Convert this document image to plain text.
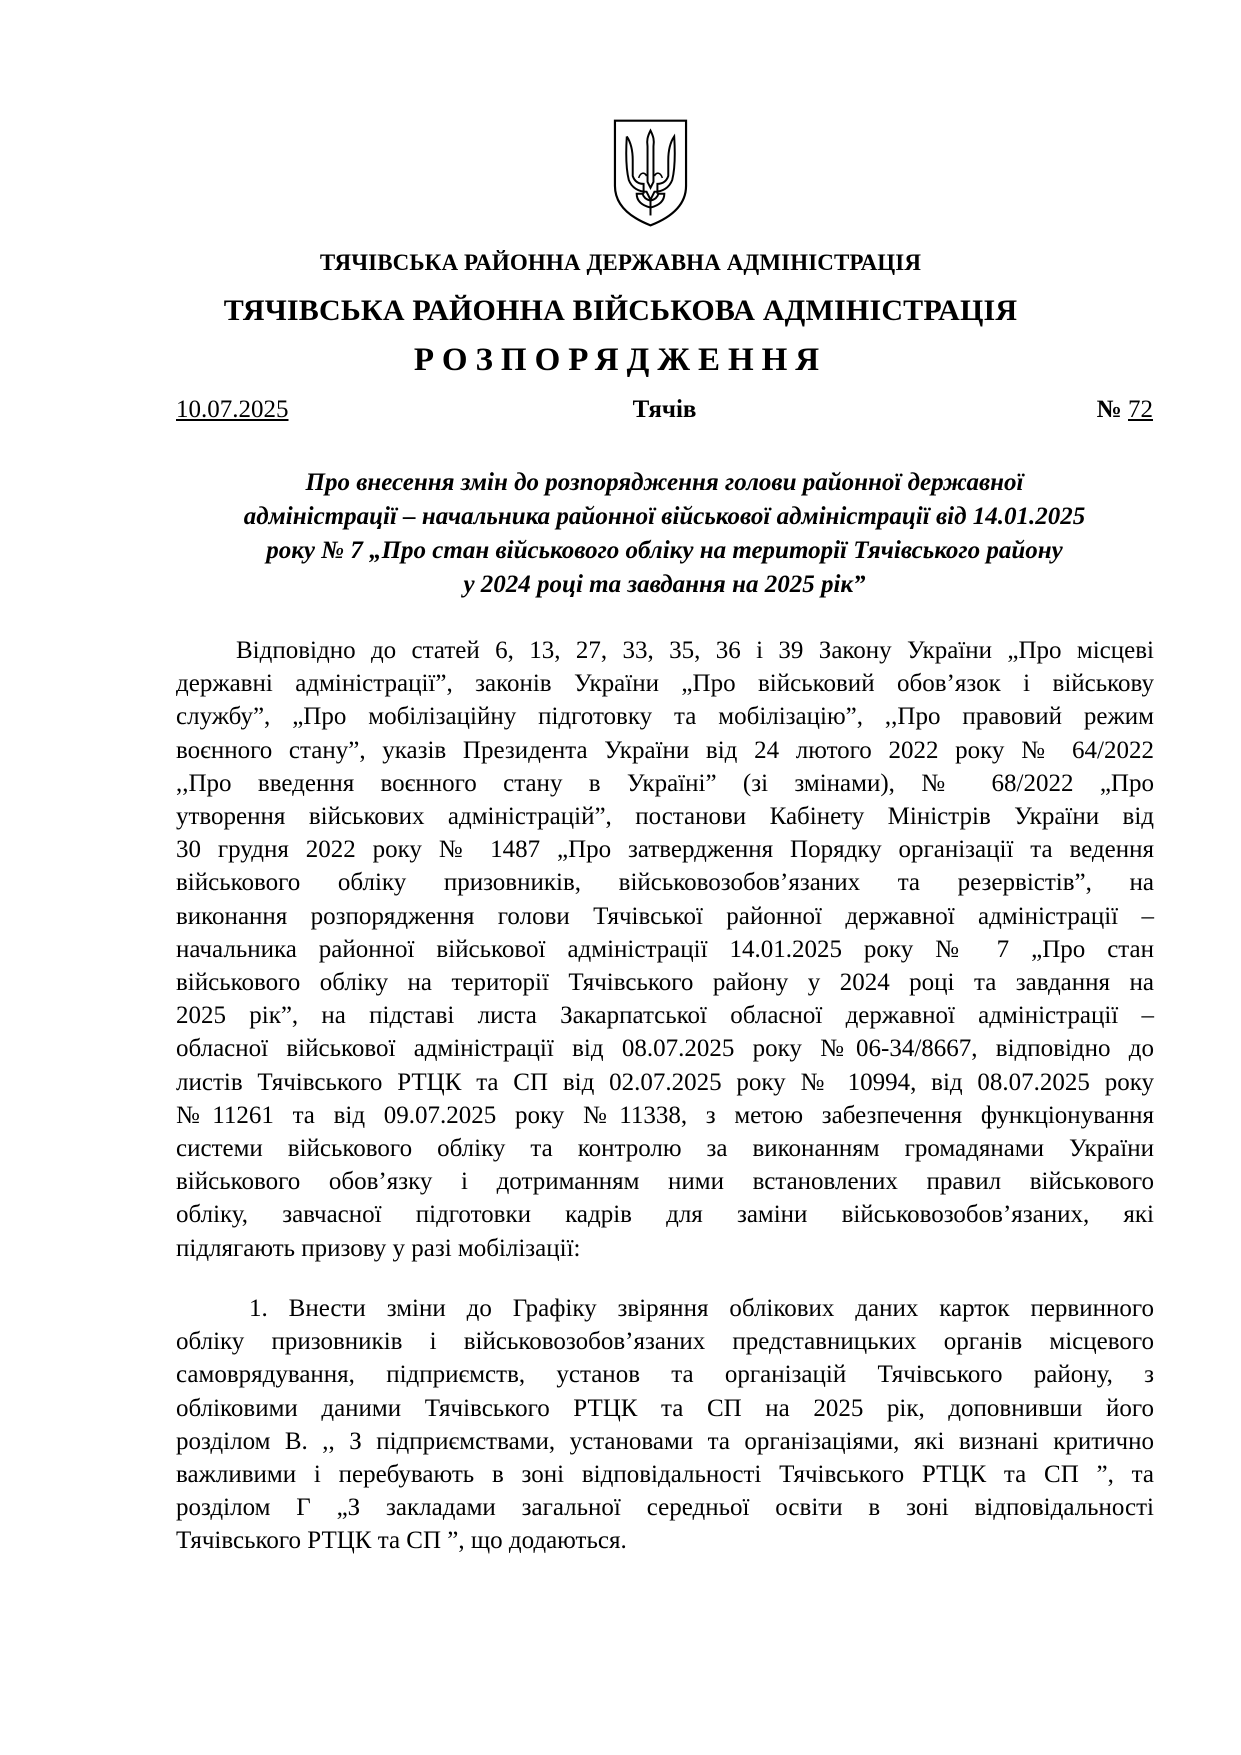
ТЯЧІВСЬКА РАЙОННА ДЕРЖАВНА АДМІНІСТРАЦІЯ
ТЯЧІВСЬКА РАЙОННА ВІЙСЬКОВА АДМІНІСТРАЦІЯ
РОЗПОРЯДЖЕННЯ
10.07.2025	Тячів	№ 72
Про внесення змін до розпорядження голови районної державної
адміністрації – начальника районної військової адміністрації від 14.01.2025
року № 7 „Про стан військового обліку на території Тячівського району
у 2024 році та завдання на 2025 рік”
Відповідно до статей 6, 13, 27, 33, 35, 36 і 39 Закону України „Про місцеві
державні адміністрації”, законів України „Про військовий обов’язок і військову
службу”, „Про мобілізаційну підготовку та мобілізацію”, ,,Про правовий режим
воєнного стану”, указів Президента України від 24 лютого 2022 року № 64/2022
,,Про введення воєнного стану в Україні” (зі змінами), № 68/2022 „Про
утворення військових адміністрацій”, постанови Кабінету Міністрів України від
30 грудня 2022 року № 1487 „Про затвердження Порядку організації та ведення
військового обліку призовників, військовозобов’язаних та резервістів”, на
виконання розпорядження голови Тячівської районної державної адміністрації –
начальника районної військової адміністрації 14.01.2025 року № 7 „Про стан
військового обліку на території Тячівського району у 2024 році та завдання на
2025 рік”, на підставі листа Закарпатської обласної державної адміністрації –
обласної військової адміністрації від 08.07.2025 року №06-34/8667, відповідно до
листів Тячівського РТЦК та СП від 02.07.2025 року № 10994, від 08.07.2025 року
№11261 та від 09.07.2025 року №11338, з метою забезпечення функціонування
системи військового обліку та контролю за виконанням громадянами України
військового обов’язку і дотриманням ними встановлених правил військового
обліку, завчасної підготовки кадрів для заміни військовозобов’язаних, які
підлягають призову у разі мобілізації:
1. Внести зміни до Графіку звіряння облікових даних карток первинного
обліку призовників і військовозобов’язаних представницьких органів місцевого
самоврядування, підприємств, установ та організацій Тячівського району, з
обліковими даними Тячівського РТЦК та СП на 2025 рік, доповнивши його
розділом В. ,, З підприємствами, установами та організаціями, які визнані критично
важливими і перебувають в зоні відповідальності Тячівського РТЦК та СП ”, та
розділом Г „З закладами загальної середньої освіти в зоні відповідальності
Тячівського РТЦК та СП ”, що додаються.
